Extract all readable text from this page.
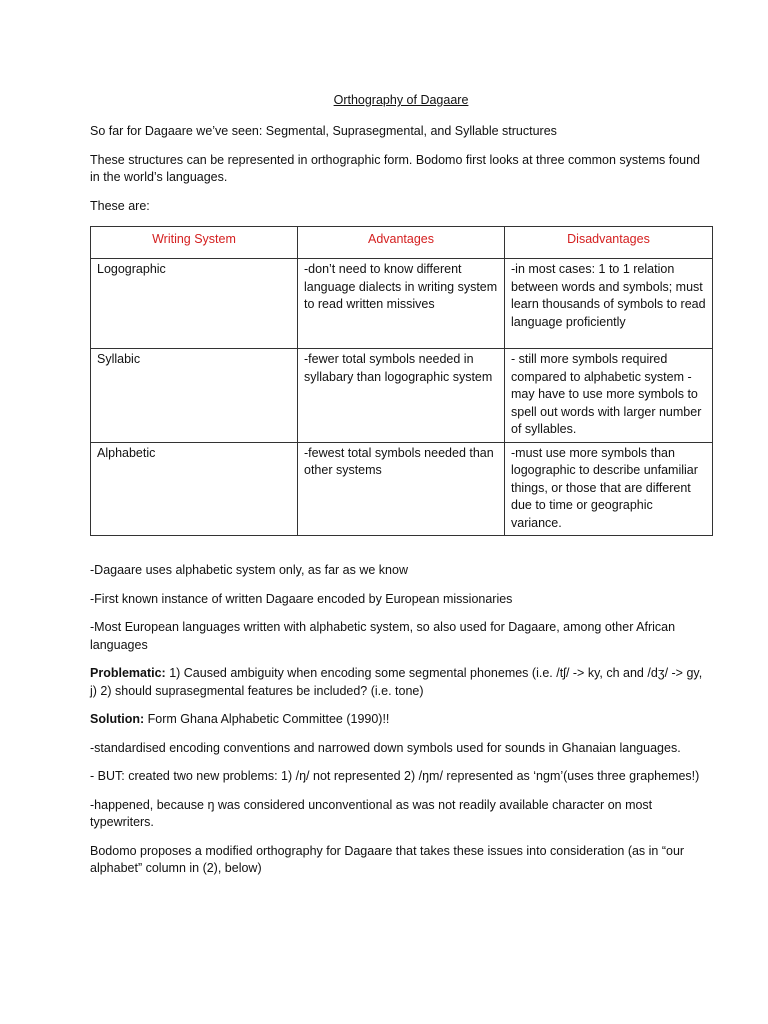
Orthography of Dagaare

So far for Dagaare we’ve seen: Segmental, Suprasegmental, and Syllable structures

These structures can be represented in orthographic form. Bodomo first looks at three common systems found in the world’s languages.

These are:

Writing System	Advantages	Disadvantages
Logographic	-don’t need to know different language dialects in writing system to read written missives	-in most cases: 1 to 1 relation between words and symbols; must learn thousands of symbols to read language proficiently
Syllabic	-fewer total symbols needed in syllabary than logographic system	- still more symbols required compared to alphabetic system -may have to use more symbols to spell out words with larger number of syllables.
Alphabetic	-fewest total symbols needed than other systems	-must use more symbols than logographic to describe unfamiliar things, or those that are different due to time or geographic variance.

-Dagaare uses alphabetic system only, as far as we know

-First known instance of written Dagaare encoded by European missionaries

-Most European languages written with alphabetic system, so also used for Dagaare, among other African languages

Problematic: 1) Caused ambiguity when encoding some segmental phonemes (i.e. /tʃ/ -> ky, ch and /dʒ/ -> gy, j) 2) should suprasegmental features be included? (i.e. tone)

Solution: Form Ghana Alphabetic Committee (1990)!!

-standardised encoding conventions and narrowed down symbols used for sounds in Ghanaian languages.

- BUT: created two new problems: 1) /ŋ/ not represented 2) /ŋm/ represented as ‘ngm’(uses three graphemes!)

-happened, because ŋ was considered unconventional as was not readily available character on most typewriters.

Bodomo proposes a modified orthography for Dagaare that takes these issues into consideration (as in “our alphabet” column in (2), below)
